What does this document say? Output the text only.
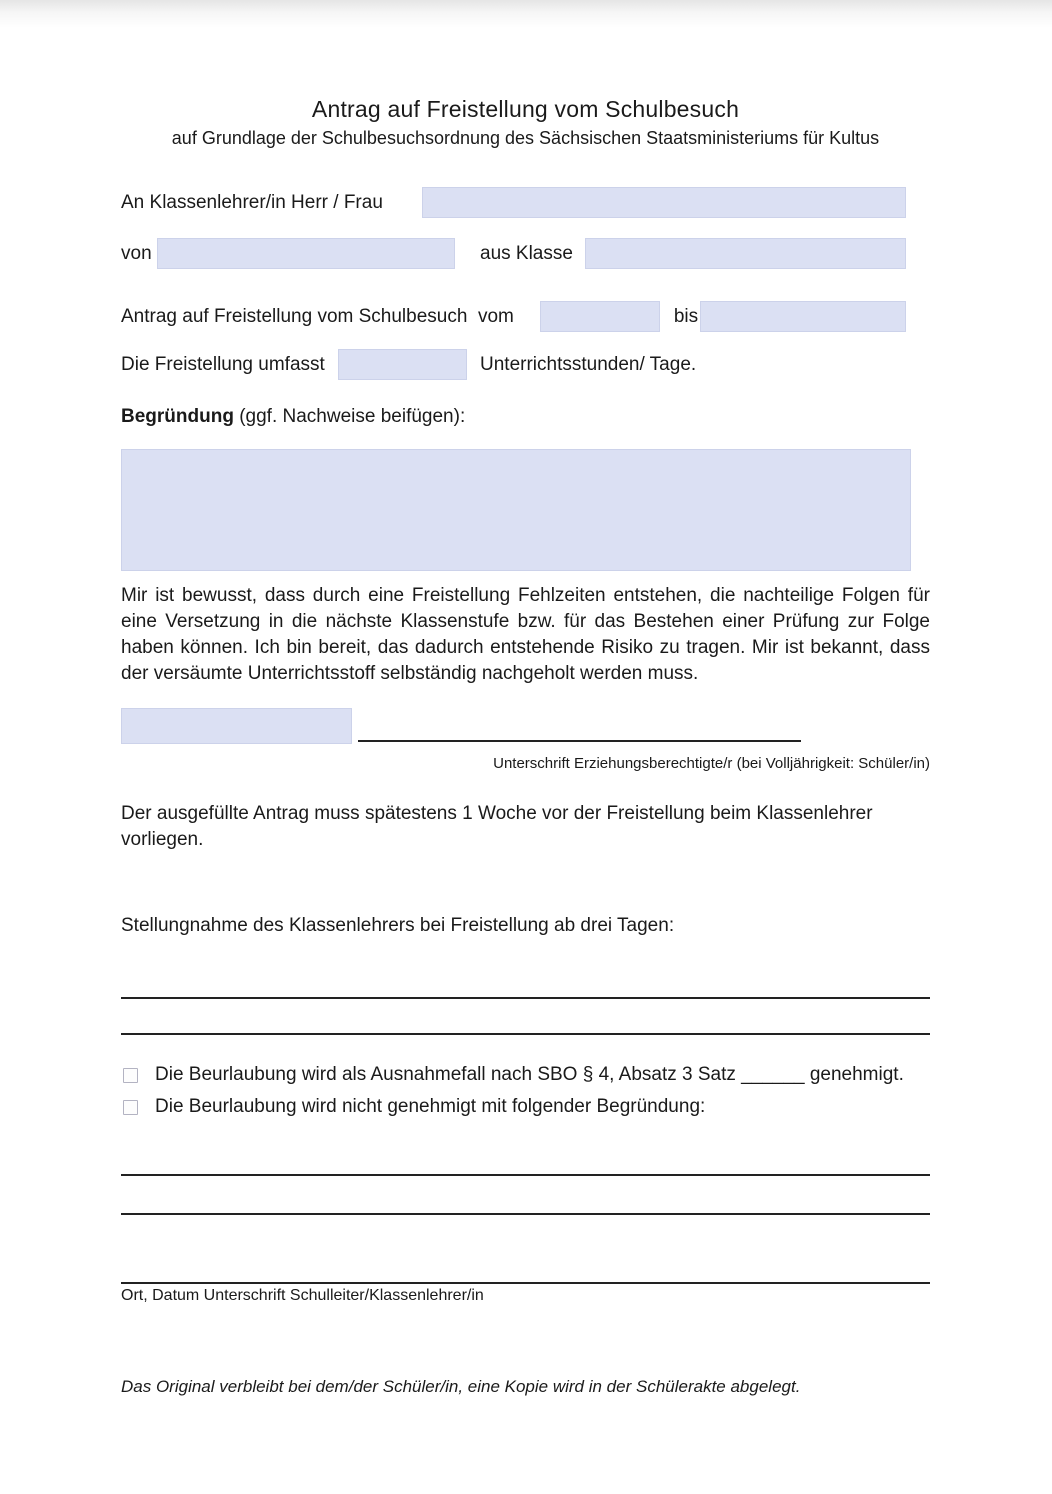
Antrag auf Freistellung vom Schulbesuch
auf Grundlage der Schulbesuchsordnung des Sächsischen Staatsministeriums für Kultus
An Klassenlehrer/in Herr / Frau
von	aus Klasse
Antrag auf Freistellung vom Schulbesuch  vom	bis
Die Freistellung umfasst	Unterrichtsstunden/ Tage.
Begründung (ggf. Nachweise beifügen):

Mir ist bewusst, dass durch eine Freistellung Fehlzeiten entstehen, die nachteilige Folgen für eine Versetzung in die nächste Klassenstufe bzw. für das Bestehen einer Prüfung zur Folge haben können. Ich bin bereit, das dadurch entstehende Risiko zu tragen. Mir ist bekannt, dass der versäumte Unterrichtsstoff selbständig nachgeholt werden muss.

Unterschrift Erziehungsberechtigte/r (bei Volljährigkeit: Schüler/in)

Der ausgefüllte Antrag muss spätestens 1 Woche vor der Freistellung beim Klassenlehrer vorliegen.

Stellungnahme des Klassenlehrers bei Freistellung ab drei Tagen:
Die Beurlaubung wird als Ausnahmefall nach SBO § 4, Absatz 3 Satz ______ genehmigt.
Die Beurlaubung wird nicht genehmigt mit folgender Begründung:
Ort, Datum Unterschrift Schulleiter/Klassenlehrer/in
Das Original verbleibt bei dem/der Schüler/in, eine Kopie wird in der Schülerakte abgelegt.
